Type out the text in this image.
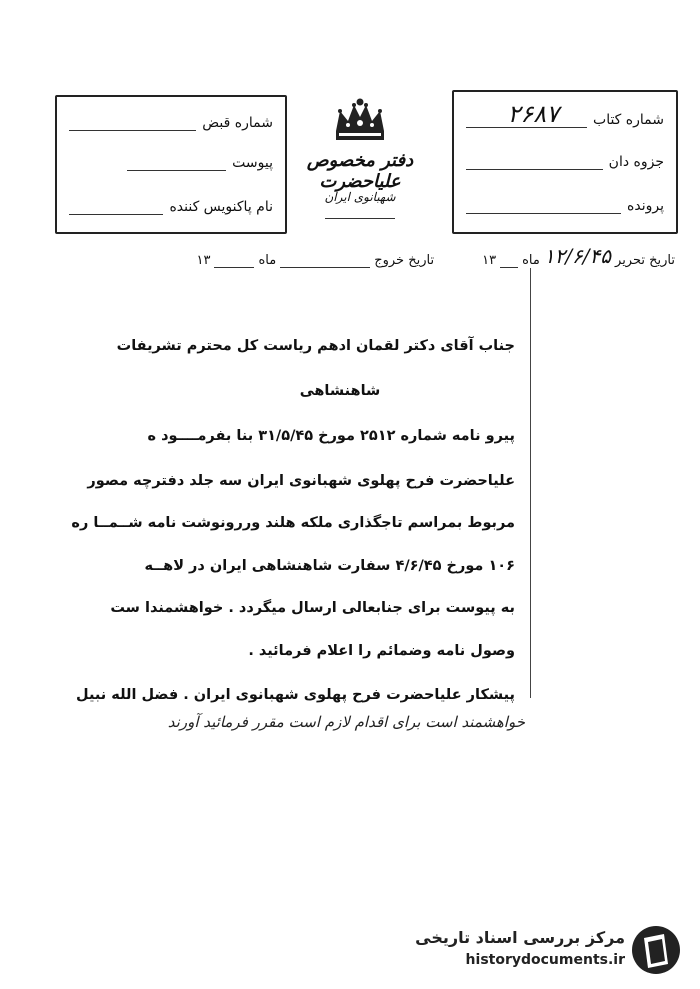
شماره قبض
پیوست
نام پاکنویس کننده
دفتر مخصوص علیاحضرت
شهبانوی ایران
شماره کتاب
۲۶۸۷
جزوه دان
پرونده
تاریخ تحریر
۱۲/۶/۴۵
ماه
۱۳
تاریخ خروج
ماه
۱۳
جناب آقای دکتر لقمان ادهم ریاست کل محترم تشریفات
شاهنشاهی
پیرو نامه شماره ۲۵۱۲ مورخ ۳۱/۵/۴۵ بنا بفرمــــود ه
علیاحضرت فرح پهلوی شهبانوی ایران سه جلد دفترچه مصور
مربوط بمراسم تاجگذاری ملکه هلند وررونوشت نامه شــمــا ره
۱۰۶ مورخ ۴/۶/۴۵ سفارت شاهنشاهی ایران در لاهــه
به پیوست برای جنابعالی ارسال میگردد . خواهشمندا ست
وصول نامه وضمائم را اعلام فرمائید .
پیشکار علیاحضرت فرح پهلوی شهبانوی ایران . فضل الله نبیل
خواهشمند است برای اقدام لازم است مقرر فرمائید آورند
مرکز بررسی اسناد تاریخی
historydocuments.ir
